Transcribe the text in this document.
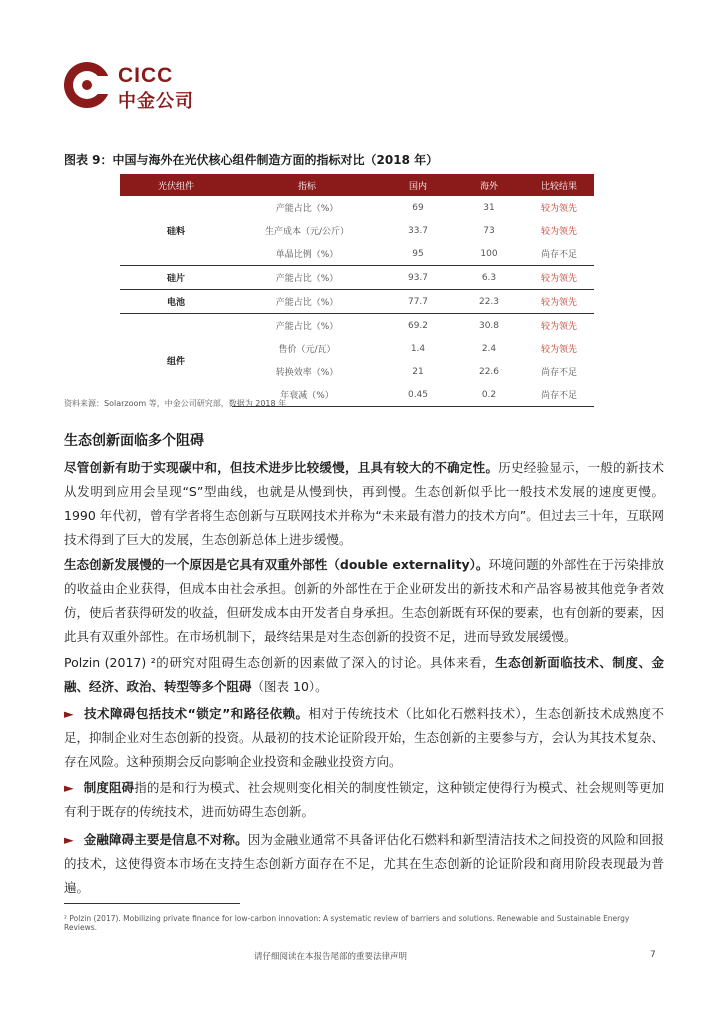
CICC
中金公司
图表 9：中国与海外在光伏核心组件制造方面的指标对比（2018 年）
光伏组件	指标	国内	海外	比较结果
硅料	产能占比（%）	69	31	较为领先
	生产成本（元/公斤）	33.7	73	较为领先
	单晶比例（%）	95	100	尚存不足
硅片	产能占比（%）	93.7	6.3	较为领先
电池	产能占比（%）	77.7	22.3	较为领先
组件	产能占比（%）	69.2	30.8	较为领先
	售价（元/瓦）	1.4	2.4	较为领先
	转换效率（%）	21	22.6	尚存不足
	年衰减（%）	0.45	0.2	尚存不足
资料来源：Solarzoom 等，中金公司研究部，数据为 2018 年
生态创新面临多个阻碍
尽管创新有助于实现碳中和，但技术进步比较缓慢，且具有较大的不确定性。历史经验显示，一般的新技术从发明到应用会呈现“S”型曲线，也就是从慢到快，再到慢。生态创新似乎比一般技术发展的速度更慢。1990 年代初，曾有学者将生态创新与互联网技术并称为“未来最有潜力的技术方向”。但过去三十年，互联网技术得到了巨大的发展，生态创新总体上进步缓慢。
生态创新发展慢的一个原因是它具有双重外部性（double externality）。环境问题的外部性在于污染排放的收益由企业获得，但成本由社会承担。创新的外部性在于企业研发出的新技术和产品容易被其他竞争者效仿，使后者获得研发的收益，但研发成本由开发者自身承担。生态创新既有环保的要素，也有创新的要素，因此具有双重外部性。在市场机制下，最终结果是对生态创新的投资不足，进而导致发展缓慢。
Polzin (2017) ²的研究对阻碍生态创新的因素做了深入的讨论。具体来看，生态创新面临技术、制度、金融、经济、政治、转型等多个阻碍（图表 10）。
► 技术障碍包括技术“锁定”和路径依赖。相对于传统技术（比如化石燃料技术），生态创新技术成熟度不足，抑制企业对生态创新的投资。从最初的技术论证阶段开始，生态创新的主要参与方，会认为其技术复杂、存在风险。这种预期会反向影响企业投资和金融业投资方向。
► 制度阻碍指的是和行为模式、社会规则变化相关的制度性锁定，这种锁定使得行为模式、社会规则等更加有利于既存的传统技术，进而妨碍生态创新。
► 金融障碍主要是信息不对称。因为金融业通常不具备评估化石燃料和新型清洁技术之间投资的风险和回报的技术，这使得资本市场在支持生态创新方面存在不足，尤其在生态创新的论证阶段和商用阶段表现最为普遍。
² Polzin (2017). Mobilizing private finance for low-carbon innovation: A systematic review of barriers and solutions. Renewable and Sustainable Energy Reviews.
请仔细阅读在本报告尾部的重要法律声明	7
